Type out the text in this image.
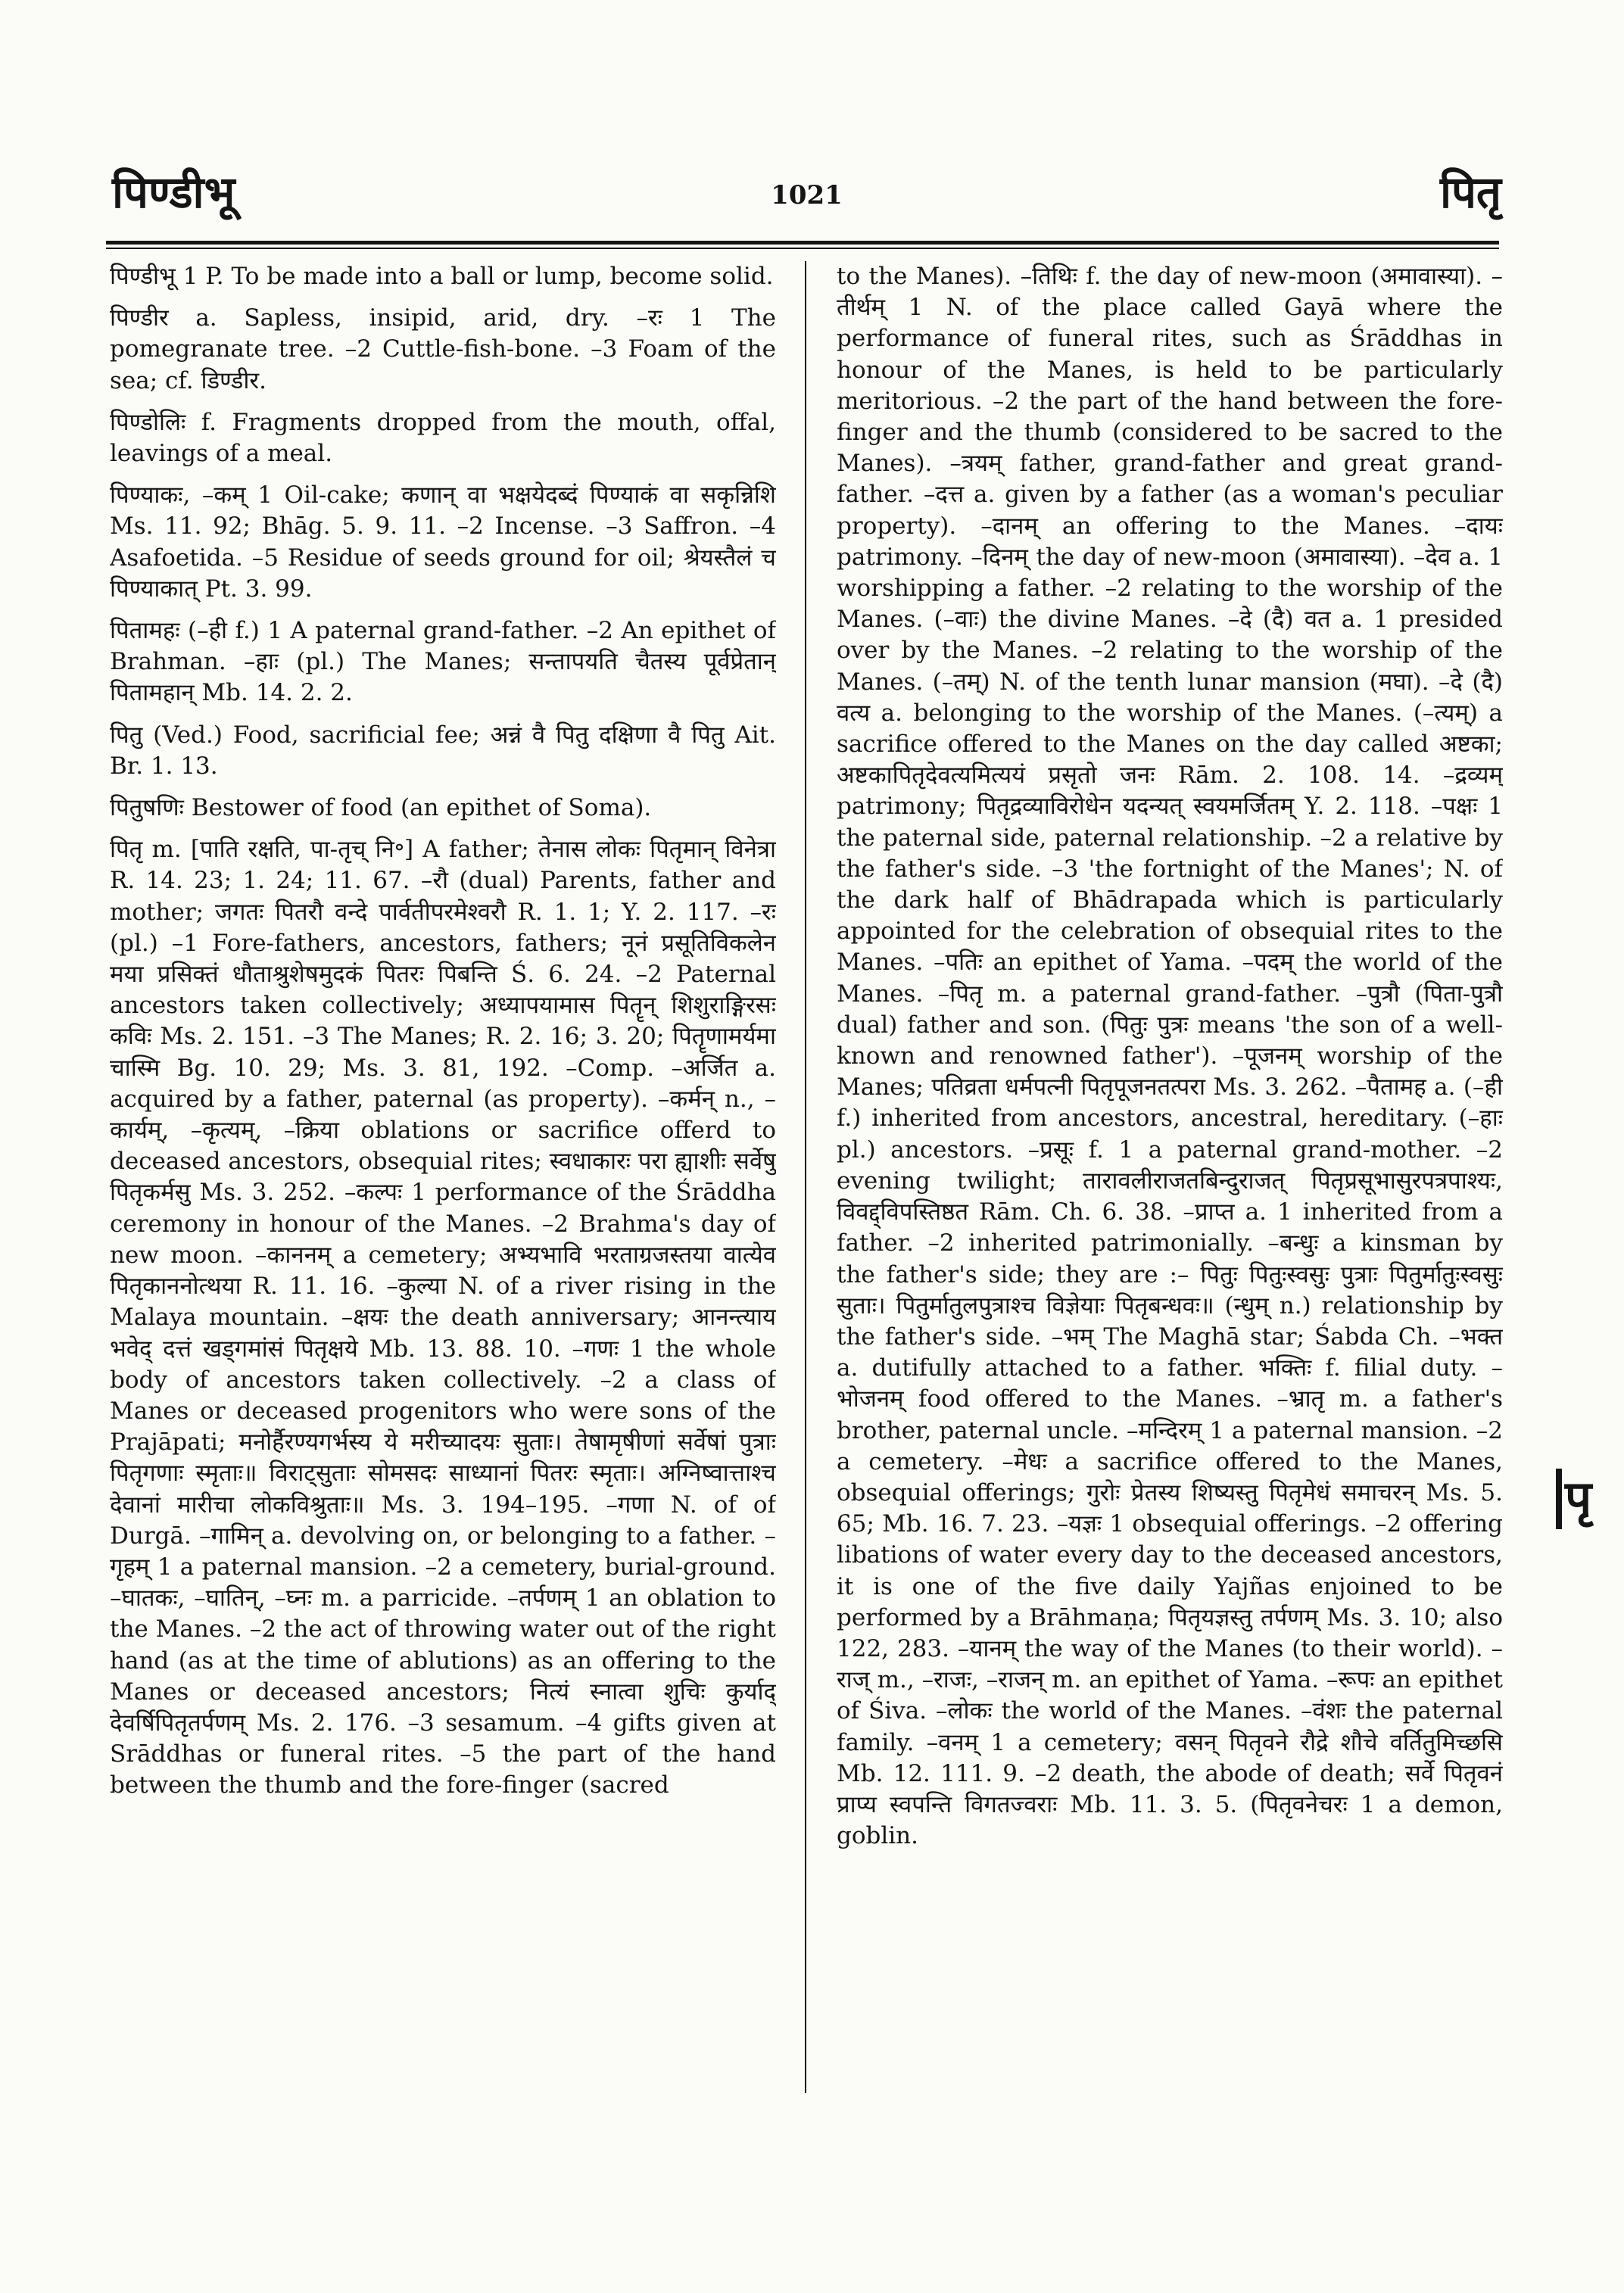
पिण्डीभू	1021	पितृ

पिण्डीभू 1 P. To be made into a ball or lump, become solid.

पिण्डीर a. Sapless, insipid, arid, dry. –रः 1 The pomegranate tree. –2 Cuttle-fish-bone. –3 Foam of the sea; cf. डिण्डीर.

पिण्डोलिः f. Fragments dropped from the mouth, offal, leavings of a meal.

पिण्याकः, –कम् 1 Oil-cake; कणान् वा भक्षयेदब्दं पिण्याकं वा सकृन्निशि Ms. 11. 92; Bhāg. 5. 9. 11. –2 Incense. –3 Saffron. –4 Asafoetida. –5 Residue of seeds ground for oil; श्रेयस्तैलं च पिण्याकात् Pt. 3. 99.

पितामहः (–ही f.) 1 A paternal grand-father. –2 An epithet of Brahman. –हाः (pl.) The Manes; सन्तापयति चैतस्य पूर्वप्रेतान् पितामहान् Mb. 14. 2. 2.

पितु (Ved.) Food, sacrificial fee; अन्नं वै पितु दक्षिणा वै पितु Ait. Br. 1. 13.

पितुषणिः Bestower of food (an epithet of Soma).

पितृ m. [पाति रक्षति, पा-तृच् नि॰] A father; तेनास लोकः पितृमान् विनेत्रा R. 14. 23; 1. 24; 11. 67. –रौ (dual) Parents, father and mother; जगतः पितरौ वन्दे पार्वतीपरमेश्वरौ R. 1. 1; Y. 2. 117. –रः (pl.) –1 Fore-fathers, ancestors, fathers; नूनं प्रसूतिविकलेन मया प्रसिक्तं धौताश्रुशेषमुदकं पितरः पिबन्ति Ś. 6. 24. –2 Paternal ancestors taken collectively; अध्यापयामास पितॄन् शिशुराङ्गिरसः कविः Ms. 2. 151. –3 The Manes; R. 2. 16; 3. 20; पितॄणामर्यमा चास्मि Bg. 10. 29; Ms. 3. 81, 192. –Comp. –अर्जित a. acquired by a father, paternal (as property). –कर्मन् n., –कार्यम्, –कृत्यम्, –क्रिया oblations or sacrifice offerd to deceased ancestors, obsequial rites; स्वधाकारः परा ह्याशीः सर्वेषु पितृकर्मसु Ms. 3. 252. –कल्पः 1 performance of the Śrāddha ceremony in honour of the Manes. –2 Brahma's day of new moon. –काननम् a cemetery; अभ्यभावि भरताग्रजस्तया वात्येव पितृकाननोत्थया R. 11. 16. –कुल्या N. of a river rising in the Malaya mountain. –क्षयः the death anniversary; आनन्त्याय भवेद् दत्तं खड्गमांसं पितृक्षये Mb. 13. 88. 10. –गणः 1 the whole body of ancestors taken collectively. –2 a class of Manes or deceased progenitors who were sons of the Prajāpati; मनोर्हैरण्यगर्भस्य ये मरीच्यादयः सुताः। तेषामृषीणां सर्वेषां पुत्राः पितृगणाः स्मृताः॥ विराट्सुताः सोमसदः साध्यानां पितरः स्मृताः। अग्निष्वात्ताश्च देवानां मारीचा लोकविश्रुताः॥ Ms. 3. 194–195. –गणा N. of of Durgā. –गामिन् a. devolving on, or belonging to a father. –गृहम् 1 a paternal mansion. –2 a cemetery, burial-ground. –घातकः, –घातिन्, –घ्नः m. a parricide. –तर्पणम् 1 an oblation to the Manes. –2 the act of throwing water out of the right hand (as at the time of ablutions) as an offering to the Manes or deceased ancestors; नित्यं स्नात्वा शुचिः कुर्याद् देवर्षिपितृतर्पणम् Ms. 2. 176. –3 sesamum. –4 gifts given at Srāddhas or funeral rites. –5 the part of the hand between the thumb and the fore-finger (sacred

to the Manes). –तिथिः f. the day of new-moon (अमावास्या). –तीर्थम् 1 N. of the place called Gayā where the performance of funeral rites, such as Śrāddhas in honour of the Manes, is held to be particularly meritorious. –2 the part of the hand between the fore-finger and the thumb (considered to be sacred to the Manes). –त्रयम् father, grand-father and great grand-father. –दत्त a. given by a father (as a woman's peculiar property). –दानम् an offering to the Manes. –दायः patrimony. –दिनम् the day of new-moon (अमावास्या). –देव a. 1 worshipping a father. –2 relating to the worship of the Manes. (–वाः) the divine Manes. –दे (दै) वत a. 1 presided over by the Manes. –2 relating to the worship of the Manes. (–तम्) N. of the tenth lunar mansion (मघा). –दे (दै) वत्य a. belonging to the worship of the Manes. (–त्यम्) a sacrifice offered to the Manes on the day called अष्टका; अष्टकापितृदेवत्यमित्ययं प्रसृतो जनः Rām. 2. 108. 14. –द्रव्यम् patrimony; पितृद्रव्याविरोधेन यदन्यत् स्वयमर्जितम् Y. 2. 118. –पक्षः 1 the paternal side, paternal relationship. –2 a relative by the father's side. –3 'the fortnight of the Manes'; N. of the dark half of Bhādrapada which is particularly appointed for the celebration of obsequial rites to the Manes. –पतिः an epithet of Yama. –पदम् the world of the Manes. –पितृ m. a paternal grand-father. –पुत्रौ (पिता-पुत्रौ dual) father and son. (पितुः पुत्रः means 'the son of a well-known and renowned father'). –पूजनम् worship of the Manes; पतिव्रता धर्मपत्नी पितृपूजनतत्परा Ms. 3. 262. –पैतामह a. (–ही f.) inherited from ancestors, ancestral, hereditary. (–हाः pl.) ancestors. –प्रसूः f. 1 a paternal grand-mother. –2 evening twilight; तारावलीराजतबिन्दुराजत् पितृप्रसूभासुरपत्रपाश्यः, विवद्द्विपस्तिष्ठत Rām. Ch. 6. 38. –प्राप्त a. 1 inherited from a father. –2 inherited patrimonially. –बन्धुः a kinsman by the father's side; they are :– पितुः पितुःस्वसुः पुत्राः पितुर्मातुःस्वसुः सुताः। पितुर्मातुलपुत्राश्च विज्ञेयाः पितृबन्धवः॥ (न्धुम् n.) relationship by the father's side. –भम् The Maghā star; Śabda Ch. –भक्त a. dutifully attached to a father. भक्तिः f. filial duty. –भोजनम् food offered to the Manes. –भ्रातृ m. a father's brother, paternal uncle. –मन्दिरम् 1 a paternal mansion. –2 a cemetery. –मेधः a sacrifice offered to the Manes, obsequial offerings; गुरोः प्रेतस्य शिष्यस्तु पितृमेधं समाचरन् Ms. 5. 65; Mb. 16. 7. 23. –यज्ञः 1 obsequial offerings. –2 offering libations of water every day to the deceased ancestors, it is one of the five daily Yajñas enjoined to be performed by a Brāhmaṇa; पितृयज्ञस्तु तर्पणम् Ms. 3. 10; also 122, 283. –यानम् the way of the Manes (to their world). –राज् m., –राजः, –राजन् m. an epithet of Yama. –रूपः an epithet of Śiva. –लोकः the world of the Manes. –वंशः the paternal family. –वनम् 1 a cemetery; वसन् पितृवने रौद्रे शौचे वर्तितुमिच्छसि Mb. 12. 111. 9. –2 death, the abode of death; सर्वे पितृवनं प्राप्य स्वपन्ति विगतज्वराः Mb. 11. 3. 5. (पितृवनेचरः 1 a demon, goblin.

पृ
